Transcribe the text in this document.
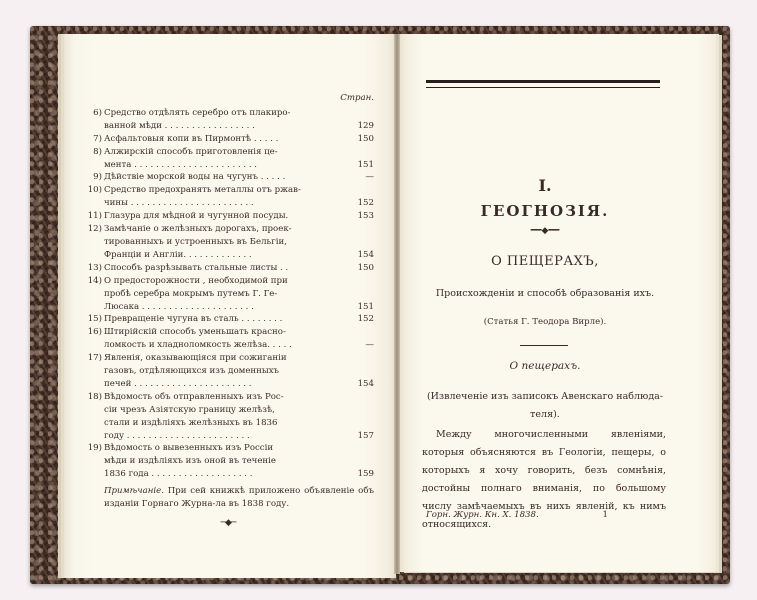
Стран.
6) Средство отдѣлять серебро отъ плакиро-
ванной мѣди . . . . . . . . . . . . . . . . .	129
7) Асфальтовыя копи въ Пирмонтѣ . . . . .	150
8) Алжирскій способъ приготовленія це-
мента . . . . . . . . . . . . . . . . . . . . . . .	151
9) Дѣйствіе морской воды на чугунъ . . . . .	—
10) Средство предохранять металлы отъ ржав-
чины . . . . . . . . . . . . . . . . . . . . . . .	152
11) Глазура для мѣдной и чугунной посуды.	153
12) Замѣчаніе о желѣзныхъ дорогахъ, проек-
тированныхъ и устроенныхъ въ Бельгіи,
Франціи и Англіи. . . . . . . . . . . . .	154
13) Способъ разрѣзывать стальные листы . .	150
14) О предосторожности , необходимой при
пробѣ серебра мокрымъ путемъ Г. Ге-
Люсака . . . . . . . . . . . . . . . . . . . . .	151
15) Превращеніе чугуна въ сталь . . . . . . . .	152
16) Штирійскій способъ уменьшать красно-
ломкость и хладноломкость желѣза. . . . .	—
17) Явленія, оказывающіяся при сожиганіи
газовъ, отдѣляющихся изъ доменныхъ
печей . . . . . . . . . . . . . . . . . . . . . .	154
18) Вѣдомость объ отправленныхъ изъ Рос-
сіи чрезъ Азіятскую границу желѣзѣ,
стали и издѣліяхъ желѣзныхъ въ 1836
году . . . . . . . . . . . . . . . . . . . . . . .	157
19) Вѣдомость о вывезенныхъ изъ Россіи
мѣди и издѣліяхъ изъ оной въ теченіе
1836 года . . . . . . . . . . . . . . . . . . .	159
Примѣчаніе. При сей книжкѣ приложено объявленіе объ изданіи Горнаго Журна-ла въ 1838 году.
─◆─
I.
ГЕОГНОЗІЯ.
━━◆━━
О ПЕЩЕРАХЪ,
Происхожденіи и способѣ образованія ихъ.
(Статья Г. Теодора Вирле).
О пещерахъ.
(Извлеченіе изъ записокъ Авенскаго наблюда-
теля).
Между многочисленными явленіями, которыя объясняются въ Геологіи, пещеры, о которыхъ я хочу говорить, безъ сомнѣнія, достойны полнаго вниманія, по большому числу замѣчаемыхъ въ нихъ явленій, къ нимъ относящихся.
Горн. Журн. Кн. X. 1838.	1
